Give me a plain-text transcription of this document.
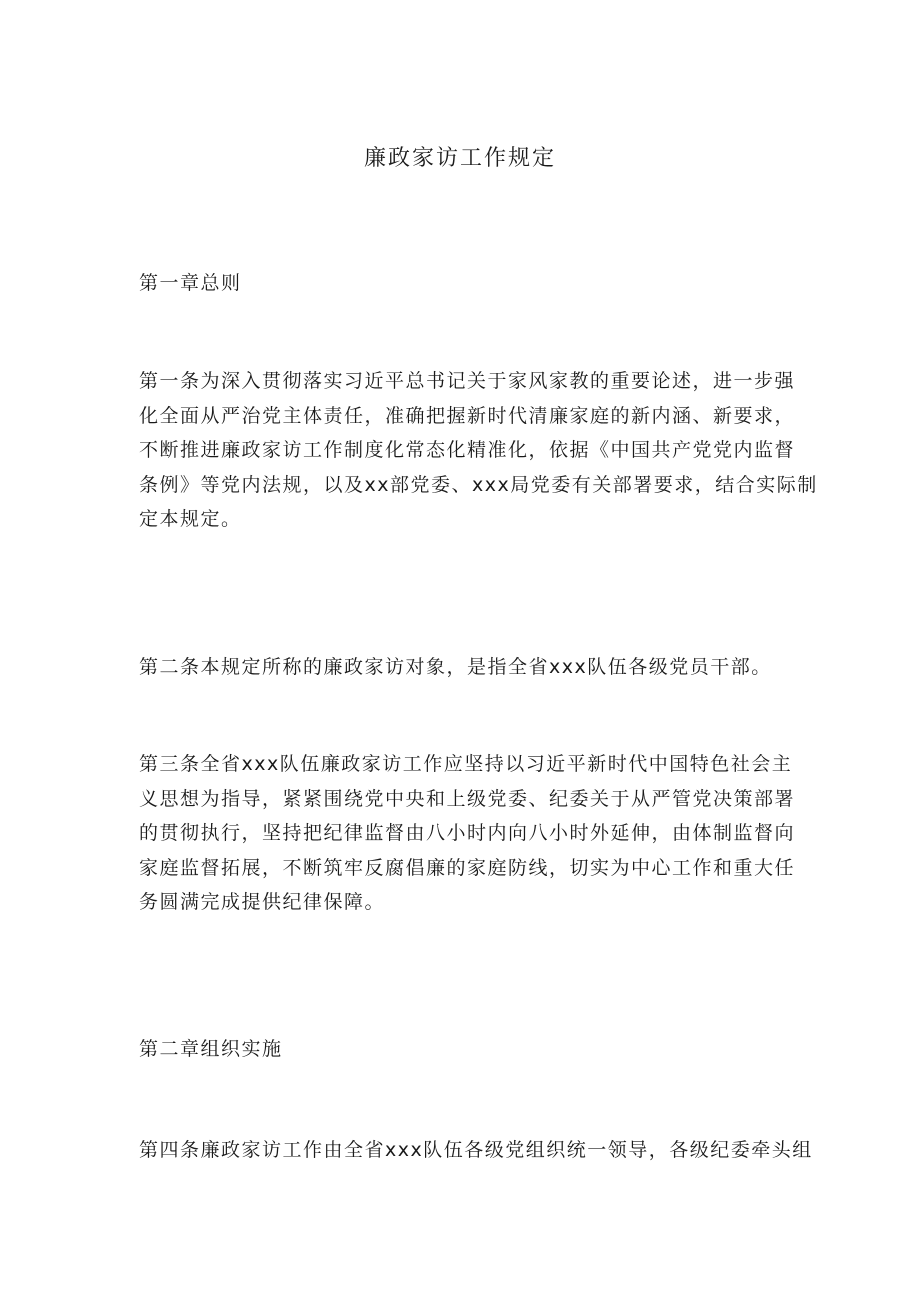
廉政家访工作规定

第一章总则

第一条为深入贯彻落实习近平总书记关于家风家教的重要论述，进一步强
化全面从严治党主体责任，准确把握新时代清廉家庭的新内涵、新要求，
不断推进廉政家访工作制度化常态化精准化，依据《中国共产党党内监督
条例》等党内法规，以及xx部党委、xxx局党委有关部署要求，结合实际制
定本规定。

第二条本规定所称的廉政家访对象，是指全省xxx队伍各级党员干部。

第三条全省xxx队伍廉政家访工作应坚持以习近平新时代中国特色社会主
义思想为指导，紧紧围绕党中央和上级党委、纪委关于从严管党决策部署
的贯彻执行，坚持把纪律监督由八小时内向八小时外延伸，由体制监督向
家庭监督拓展，不断筑牢反腐倡廉的家庭防线，切实为中心工作和重大任
务圆满完成提供纪律保障。

第二章组织实施

第四条廉政家访工作由全省xxx队伍各级党组织统一领导，各级纪委牵头组
